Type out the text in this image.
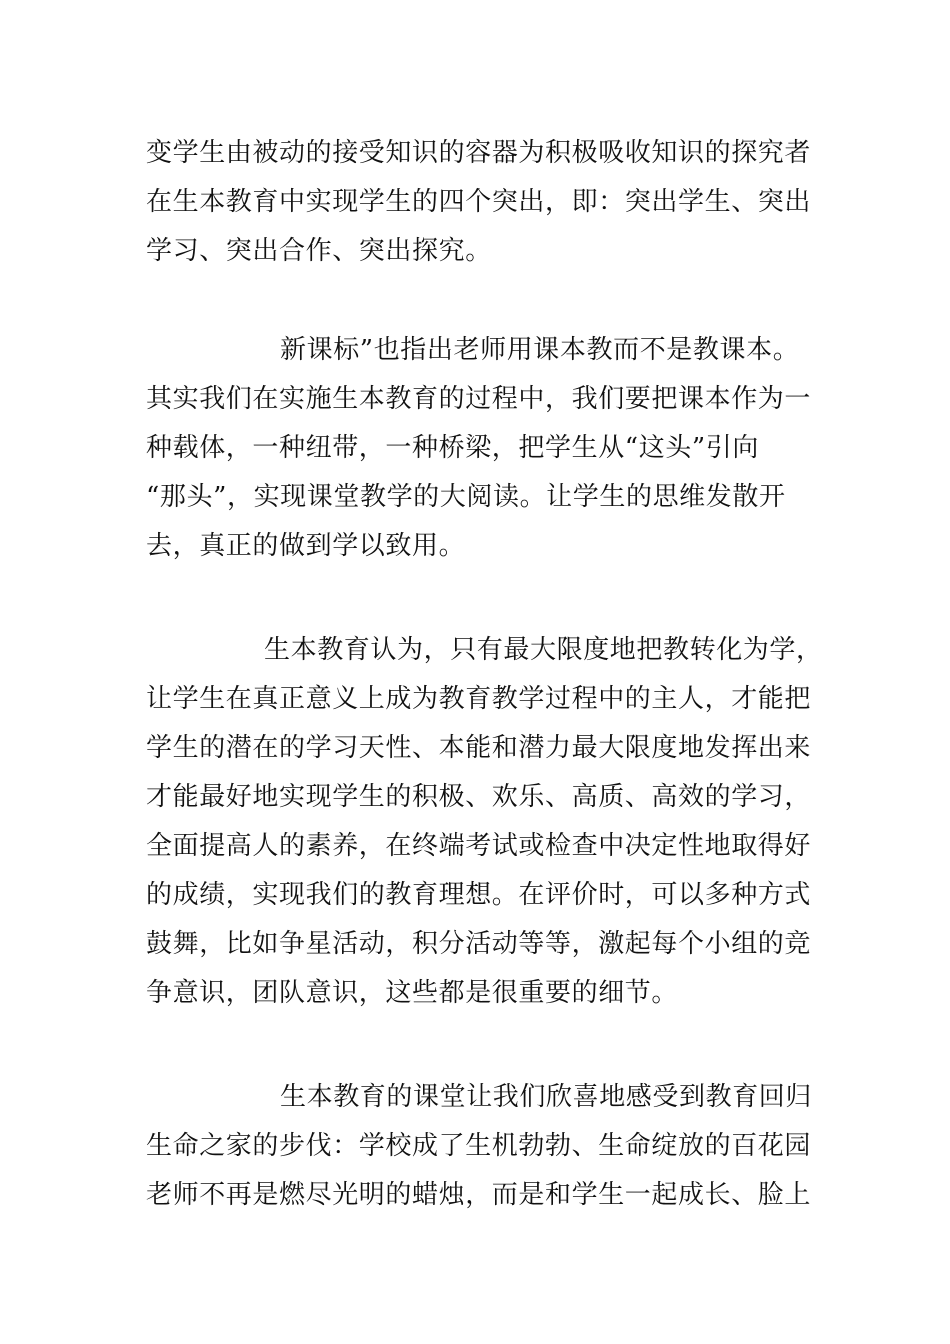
变学生由被动的接受知识的容器为积极吸收知识的探究者
在生本教育中实现学生的四个突出，即：突出学生、突出
学习、突出合作、突出探究。
新课标”也指出老师用课本教而不是教课本。
其实我们在实施生本教育的过程中，我们要把课本作为一
种载体，一种纽带，一种桥梁，把学生从“这头”引向
“那头”，实现课堂教学的大阅读。让学生的思维发散开
去，真正的做到学以致用。
生本教育认为，只有最大限度地把教转化为学，
让学生在真正意义上成为教育教学过程中的主人，才能把
学生的潜在的学习天性、本能和潜力最大限度地发挥出来
才能最好地实现学生的积极、欢乐、高质、高效的学习，
全面提高人的素养，在终端考试或检查中决定性地取得好
的成绩，实现我们的教育理想。在评价时，可以多种方式
鼓舞，比如争星活动，积分活动等等，激起每个小组的竞
争意识，团队意识，这些都是很重要的细节。
生本教育的课堂让我们欣喜地感受到教育回归
生命之家的步伐：学校成了生机勃勃、生命绽放的百花园
老师不再是燃尽光明的蜡烛，而是和学生一起成长、脸上
